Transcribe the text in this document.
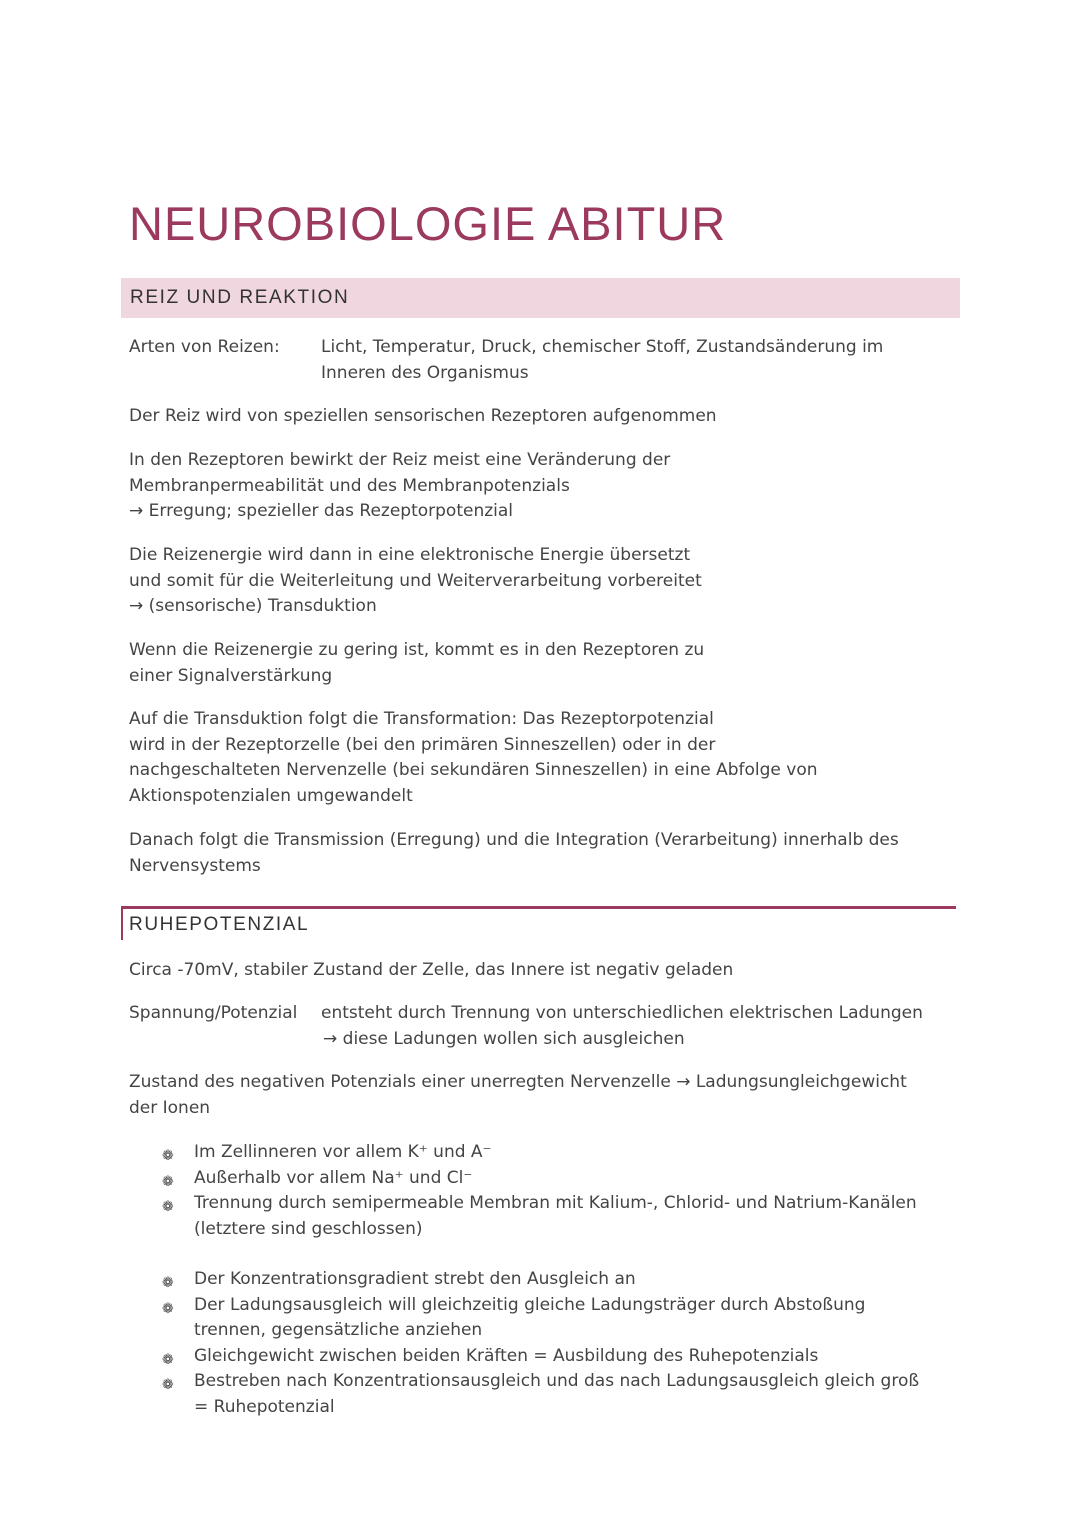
NEUROBIOLOGIE ABITUR
REIZ UND REAKTION
Arten von Reizen: Licht, Temperatur, Druck, chemischer Stoff, Zustandsänderung im
Inneren des Organismus
Der Reiz wird von speziellen sensorischen Rezeptoren aufgenommen
In den Rezeptoren bewirkt der Reiz meist eine Veränderung der
Membranpermeabilität und des Membranpotenzials
→ Erregung; spezieller das Rezeptorpotenzial
Die Reizenergie wird dann in eine elektronische Energie übersetzt
und somit für die Weiterleitung und Weiterverarbeitung vorbereitet
→ (sensorische) Transduktion
Wenn die Reizenergie zu gering ist, kommt es in den Rezeptoren zu
einer Signalverstärkung
Auf die Transduktion folgt die Transformation: Das Rezeptorpotenzial
wird in der Rezeptorzelle (bei den primären Sinneszellen) oder in der
nachgeschalteten Nervenzelle (bei sekundären Sinneszellen) in eine Abfolge von
Aktionspotenzialen umgewandelt
Danach folgt die Transmission (Erregung) und die Integration (Verarbeitung) innerhalb des
Nervensystems
RUHEPOTENZIAL
Circa -70mV, stabiler Zustand der Zelle, das Innere ist negativ geladen
Spannung/Potenzial entsteht durch Trennung von unterschiedlichen elektrischen Ladungen
→ diese Ladungen wollen sich ausgleichen
Zustand des negativen Potenzials einer unerregten Nervenzelle → Ladungsungleichgewicht
der Ionen
❁ Im Zellinneren vor allem K⁺ und A⁻
❁ Außerhalb vor allem Na⁺ und Cl⁻
❁ Trennung durch semipermeable Membran mit Kalium-, Chlorid- und Natrium-Kanälen
(letztere sind geschlossen)
❁ Der Konzentrationsgradient strebt den Ausgleich an
❁ Der Ladungsausgleich will gleichzeitig gleiche Ladungsträger durch Abstoßung
trennen, gegensätzliche anziehen
❁ Gleichgewicht zwischen beiden Kräften = Ausbildung des Ruhepotenzials
❁ Bestreben nach Konzentrationsausgleich und das nach Ladungsausgleich gleich groß
= Ruhepotenzial
